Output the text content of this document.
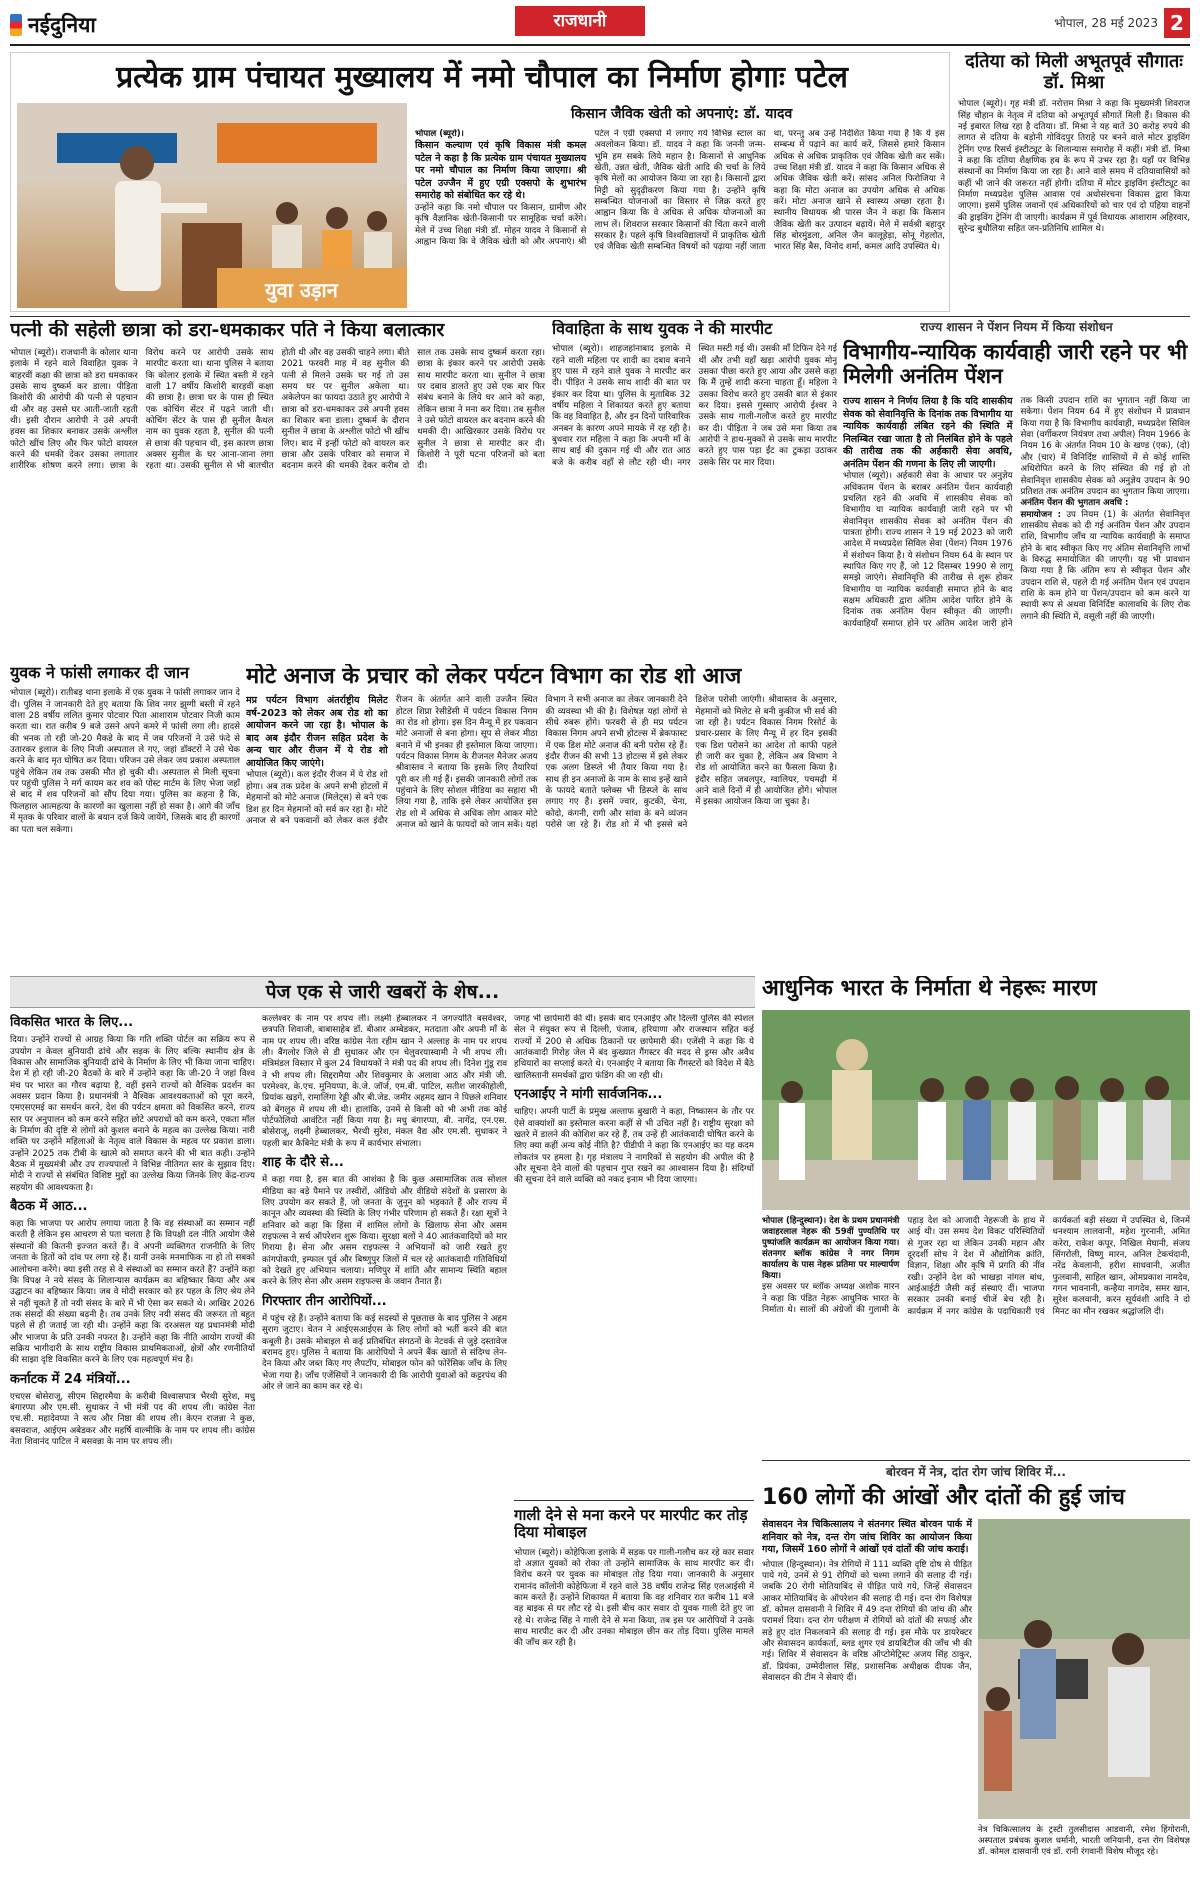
नईदुनिया	राजधानी	भोपाल, 28 मई 2023 2
प्रत्येक ग्राम पंचायत मुख्यालय में नमो चौपाल का निर्माण होगाः पटेल
युवा उड़ान
किसान जैविक खेती को अपनाएं: डॉ. यादव

भोपाल (ब्यूरो)।

किसान कल्याण एवं कृषि विकास मंत्री कमल पटेल ने कहा है कि प्रत्येक ग्राम पंचायत मुख्यालय पर नमो चौपाल का निर्माण किया जाएगा। श्री पटेल उज्जैन में हुए एग्री एक्सपो के शुभारंभ समारोह को संबोधित कर रहे थे।

उन्होंने कहा कि नमो चौपाल पर किसान, ग्रामीण और कृषि वैज्ञानिक खेती-किसानी पर सामूहिक चर्चा करेंगे। मेले में उच्च शिक्षा मंत्री डॉ. मोहन यादव ने किसानों से आह्वान किया कि वे जैविक खेती को और अपनाएं। श्री पटेल ने एग्री एक्सपो में लगाए गये विभिन्न स्टाल का अवलोकन किया। डॉ. यादव ने कहा कि जननी जन्म-भूमि हम सबके लिये महान है। किसानों से आधुनिक खेती, उन्नत खेती, जैविक खेती आदि की चर्चा के लिये कृषि मेलों का आयोजन किया जा रहा है। किसानों द्वारा मिट्टी को सुदृढ़ीकरण किया गया है। उन्होंने कृषि सम्बन्धित योजनाओं का विस्तार से जिक्र करते हुए आह्वान किया कि वे अधिक से अधिक योजनाओं का लाभ लें। शिवराज सरकार किसानों की चिंता करने वाली सरकार है। पहले कृषि विश्वविद्यालयों में प्राकृतिक खेती एवं जैविक खेती सम्बन्धित विषयों को पढ़ाया नहीं जाता था, परन्तु अब उन्हें निर्देशित किया गया है कि ये इस सम्बन्ध में पढ़ाने का कार्य करें, जिससे हमारे किसान अधिक से अधिक प्राकृतिक एवं जैविक खेती कर सकें। उच्च शिक्षा मंत्री डॉ. यादव ने कहा कि किसान अधिक से अधिक जैविक खेती करें। सांसद अनिल फिरोजिया ने कहा कि मोटा अनाज का उपयोग अधिक से अधिक करें। मोटा अनाज खाने से स्वास्थ्य अच्छा रहता है। स्थानीय विधायक श्री पारस जैन ने कहा कि किसान जैविक खेती कर उत्पादन बढ़ायें। मेले में सर्वश्री बहादुर सिंह बोरमुंडला, अनिल जैन कालूहेड़ा, सोनू गेहलोत, भारत सिंह बैस, विनोद शर्मा, कमल आदि उपस्थित थे।

दतिया को मिली अभूतपूर्व सौगातः डॉ. मिश्रा

भोपाल (ब्यूरो)। गृह मंत्री डॉ. नरोत्तम मिश्रा ने कहा कि मुख्यमंत्री शिवराज सिंह चौहान के नेतृत्व में दतिया को अभूतपूर्व सौगातें मिली हैं। विकास की नई इबारत लिख रहा है दतिया। डॉ. मिश्रा ने यह बातें 30 करोड़ रुपये की लागत से दतिया के बड़ोनी गोविंदपुर तिराहे पर बनने वाले मोटर ड्राइविंग ट्रेनिंग एण्ड रिसर्च इंस्टीट्यूट के शिलान्यास समारोह में कहीं। मंत्री डॉ. मिश्रा ने कहा कि दतिया शैक्षणिक हब के रूप में उभर रहा है। यहाँ पर विभिन्न संस्थानों का निर्माण किया जा रहा है। आने वाले समय में दतियावासियों को कहीं भी जाने की जरूरत नहीं होगी। दतिया में मोटर ड्राइविंग इंस्टीट्यूट का निर्माण मध्यप्रदेश पुलिस आवास एवं अधोसंरचना विकास द्वारा किया जाएगा। इसमें पुलिस जवानों एवं अधिकारियों को चार एवं दो पहिया वाहनों की ड्राइविंग ट्रेनिंग दी जाएगी। कार्यक्रम में पूर्व विधायक आशाराम अहिरवार, सुरेन्द्र बुधौलिया सहित जन-प्रतिनिधि शामिल थे।

पत्नी की सहेली छात्रा को डरा-धमकाकर पति ने किया बलात्कार

भोपाल (ब्यूरो)। राजधानी के कोलार थाना इलाके में रहने वाले विवाहित युवक ने बाहरवीं कक्षा की छात्रा को डरा धमकाकर उसके साथ दुष्कर्म कर डाला। पीड़िता किशोरी की आरोपी की पत्नी से पहचान थी और वह उससे घर आती-जाती रहती थी। इसी दौरान आरोपी ने उसे अपनी हवस का शिकार बनाकर उसके अश्लील फोटो खींच लिए और फिर फोटो वायरल करने की धमकी देकर उसका लगातार शारीरिक शोषण करने लगा। छात्रा के विरोध करने पर आरोपी उसके साथ मारपीट करता था। थाना पुलिस ने बताया कि कोलार इलाके में स्थित बस्ती में रहने वाली 17 वर्षीय किशोरी बारहवीं कक्षा की छात्रा है। छात्रा घर के पास ही स्थित एक कोचिंग सेंटर में पढ़ने जाती थी। कोचिंग सेंटर के पास ही सुनील कैथल नाम का युवक रहता है, सुनील की पत्नी से छात्रा की पहचान थी, इस कारण छात्रा अक्सर सुनील के घर आना-जाना लगा रहता था। उसकी सुनील से भी बातचीत होती थी और वह उसकी चाहने लगा। बीते 2021 फरवरी माह में वह सुनील की पत्नी से मिलने उसके घर गई तो उस समय घर पर सुनील अकेला था। अकेलेपन का फायदा उठाते हुए आरोपी ने छात्रा को डरा-धमकाकर उसे अपनी हवस का शिकार बना डाला। दुष्कर्म के दौरान सुनील ने छात्रा के अश्लील फोटो भी खींच लिए। बाद में इन्हीं फोटो को वायरल कर छात्रा और उसके परिवार को समाज में बदनाम करने की धमकी देकर करीब दो साल तक उसके साथ दुष्कर्म करता रहा। छात्रा के इंकार करने पर आरोपी उसके साथ मारपीट करता था। सुनील ने छात्रा पर दबाव डालते हुए उसे एक बार फिर संबंध बनाने के लिये घर आने को कहा, लेकिन छात्रा ने मना कर दिया। तब सुनील ने उसे फोटो वायरल कर बदनाम करने की धमकी दी। आखिरकार उसके विरोध पर सुनील ने छात्रा से मारपीट कर दी। किशोरी ने पूरी घटना परिजनों को बता दी।

विवाहिता के साथ युवक ने की मारपीट

भोपाल (ब्यूरो)। शाहजहांनाबाद इलाके में रहने वाली महिला पर शादी का दबाव बनाने हुए पास में रहने वाले युवक ने मारपीट कर दी। पीड़ित ने उसके साथ शादी की बात पर इंकार कर दिया था। पुलिस के मुताबिक 32 वर्षीय महिला ने शिकायत करते हुए बताया कि वह विवाहित है, और इन दिनों पारिवारिक अनबन के कारण अपने मायके में रह रही है। बुधवार रात महिला ने कहा कि अपनी माँ के साथ बाई की दुकान गई थी और रात आठ बजे के करीब वहाँ से लौट रही थी। नगर स्थित मस्टी गई थी। उसकी माँ टिफिन देने गई थीं और तभी वहाँ खड़ा आरोपी युवक मोनू उसका पीछा करते हुए आया और उससे कहा कि मैं तुम्हें शादी करना चाहता हूँ। महिला ने उसका विरोध करते हुए उसकी बात से इंकार कर दिया। इससे गुस्साए आरोपी ईश्वर ने उसके साथ गाली-गलौज करते हुए मारपीट कर दी। पीड़िता ने जब उसे मना किया तब आरोपी ने हाथ-मुक्कों से उसके साथ मारपीट करते हुए पास पड़ा ईंट का टुकड़ा उठाकर उसके सिर पर मार दिया।

राज्य शासन ने पेंशन नियम में किया संशोधन
विभागीय-न्यायिक कार्यवाही जारी रहने पर भी मिलेगी अनंतिम पेंशन

राज्य शासन ने निर्णय लिया है कि यदि शासकीय सेवक को सेवानिवृत्ति के दिनांक तक विभागीय या न्यायिक कार्यवाही लंबित रहने की स्थिति में निलम्बित रखा जाता है तो निलंबित होने के पहले की तारीख तक की अर्हकारी सेवा अवधि, अनंतिम पेंशन की गणना के लिए ली जाएगी।

भोपाल (ब्यूरो)। अर्हकारी सेवा के आधार पर अनुज्ञेय अधिकतम पेंशन के बराबर अनंतिम पेंशन कार्यवाही प्रचलित रहने की अवधि में शासकीय सेवक को विभागीय या न्यायिक कार्यवाही जारी रहने पर भी सेवानिवृत्त शासकीय सेवक को अनंतिम पेंशन की पात्रता होगी। राज्य शासन ने 19 मई 2023 को जारी आदेश में मध्यप्रदेश सिविल सेवा (पेंशन) नियम 1976 में संशोधन किया है। ये संशोधन नियम 64 के स्थान पर स्थापित किए गए हैं, जो 12 दिसम्बर 1990 से लागू समझे जाएंगे। सेवानिवृत्ति की तारीख से शुरू होकर विभागीय या न्यायिक कार्यवाही समाप्त होने के बाद सक्षम अधिकारी द्वारा अंतिम आदेश पारित होने के दिनांक तक अनंतिम पेंशन स्वीकृत की जाएगी। कार्यवाहियाँ समाप्त होने पर अंतिम आदेश जारी होने तक किसी उपदान राशि का भुगतान नहीं किया जा सकेगा। पेंशन नियम 64 में हुए संशोधन में प्रावधान किया गया है कि विभागीय कार्यवाही, मध्यप्रदेश सिविल सेवा (वर्गीकरण नियंत्रण तथा अपील) नियम 1966 के नियम 16 के अंतर्गत नियम 10 के खण्ड (एक), (दो) और (चार) में विनिर्दिष्ट शास्तियों में से कोई शास्ति अधिरोपित करने के लिए संस्थित की गई हो तो सेवानिवृत्त शासकीय सेवक को अनुज्ञेय उपदान के 90 प्रतिशत तक अनंतिम उपदान का भुगतान किया जाएगा।

अनंतिम पेंशन की भुगतान अवधि :

समायोजन : उप नियम (1) के अंतर्गत सेवानिवृत्त शासकीय सेवक को दी गई अनंतिम पेंशन और उपदान राशि, विभागीय जाँच या न्यायिक कार्यवाही के समाप्त होने के बाद स्वीकृत किए गए अंतिम सेवानिवृत्ति लाभों के विरुद्ध समायोजित की जाएगी। यह भी प्रावधान किया गया है कि अंतिम रूप से स्वीकृत पेंशन और उपदान राशि से, पहले दी गई अनंतिम पेंशन एवं उपदान राशि के कम होने या पेंशन/उपदान को कम करने या स्थायी रूप से अथवा विनिर्दिष्ट कालावधि के लिए रोक लगाने की स्थिति में, वसूली नहीं की जाएगी।

युवक ने फांसी लगाकर दी जान

भोपाल (ब्यूरो)। रातीबड़ थाना इलाके में एक युवक ने फांसी लगाकर जान दे दी। पुलिस ने जानकारी देते हुए बताया कि शिव नगर झुग्गी बस्ती में रहने वाला 28 वर्षीय ललित कुमार पोटवार पिता आशाराम पोटवार निजी काम करता था। रात करीब 9 बजे उसने अपने कमरे में फांसी लगा ली। हादसे की भनक तो रही जो-20 मैकडे के बाद में जब परिजनों ने उसे फंदे से उतारकर इलाज के लिए निजी अस्पताल ले गए, जहां डॉक्टरों ने उसे चेक करने के बाद मृत घोषित कर दिया। परिजन उसे लेकर जय प्रकाश अस्पताल पहुंचे लेकिन तब तक उसकी मौत हो चुकी थी। अस्पताल से मिली सूचना पर पहुंची पुलिस ने मर्ग कायम कर शव को पोस्ट मार्टम के लिए भेजा जहाँ से बाद में शव परिजनों को सौंप दिया गया। पुलिस का कहना है कि, फिलहाल आत्महत्या के कारणों का खुलासा नहीं हो सका है। आगे की जाँच में मृतक के परिवार वालों के बयान दर्ज किये जायेंगे, जिसके बाद ही कारणों का पता चल सकेगा।

मोटे अनाज के प्रचार को लेकर पर्यटन विभाग का रोड शो आज

मप्र पर्यटन विभाग अंतर्राष्ट्रीय मिलेट वर्ष-2023 को लेकर अब रोड शो का आयोजन करने जा रहा है। भोपाल के बाद अब इंदौर रीजन सहित प्रदेश के अन्य चार और रीजन में ये रोड शो आयोजित किए जाएंगे।

भोपाल (ब्यूरो)। कल इंदौर रीजन में ये रोड शो होगा। अब तक प्रदेश के अपने सभी होटलों में मेहमानों को मोटे अनाज (मिलेट्स) से बने एक डिश हर दिन मेहमानों को सर्व कर रहा है। मोटे अनाज से बने पकवानों को लेकर कल इंदौर रीजन के अंतर्गत आने वाली उज्जैन स्थित होटल शिप्रा रेसीडेंसी में पर्यटन विकास निगम का रोड शो होगा। इस दिन मैन्यू में हर पकवान मोटे अनाजों से बना होगा। सूप से लेकर मीठा बनाने में भी इनका ही इस्तेमाल किया जाएगा। पर्यटन विकास निगम के रीजनल मैनेजर अजय श्रीवास्तव ने बताया कि इसके लिए तैयारियां पूरी कर ली गई हैं। इसकी जानकारी लोगों तक पहुंचाने के लिए सोशल मीडिया का सहारा भी लिया गया है, ताकि इसे लेकर आयोजित इस रोड शो में अधिक से अधिक लोग आकर मोटे अनाज को खाने के फायदों को जान सकें। यहां विभाग ने सभी अनाज का लेकर जानकारी देने की व्यवस्था भी की है। विशेषज्ञ यहां लोगों से सीधे रुबरू होंगे। फरवरी से ही मप्र पर्यटन विकास निगम अपने सभी होटल्स में ब्रेकफास्ट में एक डिश मोटे अनाज की बनी परोस रहे हैं। इंदौर रीजन की सभी 13 होटल्स में इसे लेकर एक अलग डिस्प्ले भी तैयार किया गया है। साथ ही इन अनाजों के नाम के साथ इन्हें खाने के फायदे बताते फ्लेक्स भी डिस्प्ले के साथ लगाए गए हैं। इसमें ज्वार, कुटकी, चेना, कोदो, कंगनी, रागी और सांवा के बने व्यंजन परोसे जा रहे हैं। रोड शो में भी इससे बने डिशेज परोसी जाएंगी। श्रीवास्तव के अनुसार, मेहमानों को मिलेट से बनी कुकीज भी सर्व की जा रही है। पर्यटन विकास निगम रिसोर्ट के प्रचार-प्रसार के लिए मैन्यू में हर दिन इसकी एक डिश परोसने का आदेश तो काफी पहले ही जारी कर चुका है, लेकिन अब विभाग ने रोड शो आयोजित करने का फैसला किया है। इंदौर सहित जबलपुर, ग्वालियर, पचमढ़ी में आने वाले दिनों में ही आयोजित होंगे। भोपाल में इसका आयोजन किया जा चुका है।

पेज एक से जारी खबरों के शेष...
विकसित भारत के लिए...

दिया। उन्होंने राज्यों से आग्रह किया कि गति शक्ति पोर्टल का सक्रिय रूप से उपयोग न केवल बुनियादी ढांचे और सड़क के लिए बल्कि स्थानीय क्षेत्र के विकास और सामाजिक बुनियादी ढांचे के निर्माण के लिए भी किया जाना चाहिए। देश में हो रही जी-20 बैठकों के बारे में उन्होंने कहा कि जी-20 ने जहां विश्व मंच पर भारत का गौरव बढ़ाया है, वहीं इसने राज्यों को वैश्विक प्रदर्शन का अवसर प्रदान किया है। प्रधानमंत्री ने वैश्विक आवश्यकताओं को पूरा करने, एमएसएमई का समर्थन करने, देश की पर्यटन क्षमता को विकसित करने, राज्य स्तर पर अनुपालन को कम करने सहित छोटे अपराधों को कम करने, एकता मॉल के निर्माण की दृष्टि से लोगों को कुशल बनाने के महत्व का उल्लेख किया। नारी शक्ति पर उन्होंने महिलाओं के नेतृत्व वाले विकास के महत्व पर प्रकाश डाला। उन्होंने 2025 तक टीबी के खात्मे को समाप्त करने की भी बात कही। उन्होंने बैठक में मुख्यमंत्री और उप राज्यपालों ने विभिन्न नीतिगत स्तर के सुझाव दिए। मोदी ने राज्यों से संबंधित विशिष्ट मुद्दों का उल्लेख किया जिनके लिए केंद्र-राज्य सहयोग की आवश्यकता है।

बैठक में आठ...

कहा कि भाजपा पर आरोप लगाया जाता है कि वह संस्थाओं का सम्मान नहीं करती है लेकिन इस आचरण से पता चलता है कि विपक्षी दल नीति आयोग जैसे संस्थानों की कितनी इज्जत करते हैं। वे अपनी व्यक्तिगत राजनीति के लिए जनता के हितों को दांव पर लगा रहे हैं। यानी उनके मनमाफिक ना हो तो सबको आलोचना करेंगे। क्या इसी तरह से वे संस्थाओं का सम्मान करते हैं? उन्होंने कहा कि विपक्ष ने नये संसद के शिलान्यास कार्यक्रम का बहिष्कार किया और अब उद्घाटन का बहिष्कार किया। जब वे मोदी सरकार को हर पहल के लिए श्रेय लेने से नहीं चूकते हैं तो नयी संसद के बारे में भी ऐसा कर सकते थे। आखिर 2026 तक संसदों की संख्या बढ़नी है। तब उनके लिए नयी संसद की जरूरत तो बहुत पहले से ही जताई जा रही थी। उन्होंने कहा कि दरअसल यह प्रधानमंत्री मोदी और भाजपा के प्रति उनकी नफरत है। उन्होंने कहा कि नीति आयोग राज्यों की सक्रिय भागीदारी के साथ राष्ट्रीय विकास प्राथमिकताओं, क्षेत्रों और रणनीतियों की साझा दृष्टि विकसित करने के लिए एक महत्वपूर्ण मंच है।

कर्नाटक में 24 मंत्रियों...

एचएस बोसेराजू, सीएम सिद्दारमैया के करीबी विश्वासपात्र भैरथी सुरेश, मधु बंगारप्पा और एम.सी. सुधाकर ने भी मंत्री पद की शपथ ली। कांग्रेस नेता एच.सी. महादेवप्पा ने सत्य और निष्ठा की शपथ ली। केएन राजन्ना ने कुछ, बसवराज, आईएम अबेडकर और महर्षि वाल्मीकि के नाम पर शपथ ली। कांग्रेस नेता शिवानंद पाटिल ने बसवन्ना के नाम पर शपथ ली।

कल्लेश्वर के नाम पर शपथ ली। लक्ष्मी हेब्बालकर ने जगज्योति बसवेश्वर, छत्रपति शिवाजी, बाबासाहेब डॉ. बीआर अम्बेडकर, मतदाता और अपनी माँ के नाम पर शपथ ली। वरिष्ठ कांग्रेस नेता रहीम खान ने अल्लाह के नाम पर शपथ ली। बैंगलोर जिले से डी सुधाकर और एन चेलुवरयास्वामी ने भी शपथ ली। मंत्रिमंडल विस्तार में कुल 24 विधायकों ने मंत्री पद की शपथ ली। दिनेश गुंडू राव ने भी शपथ ली। सिद्दरामैया और शिवकुमार के अलावा आठ और मंत्री जी. परमेश्वर, के.एच. मुनियप्पा, के.जे. जॉर्ज, एम.बी. पाटिल, सतीश जारकीहोली, प्रियांक खड़गे, रामालिंगा रेड्डी और बी.जेड. जमीर अहमद खान ने पिछले शनिवार को बेंगलुरु में शपथ ली थी। हालांकि, उनमें से किसी को भी अभी तक कोई पोर्टफोलियो आवंटित नहीं किया गया है। मधु बंगारप्पा, बी. नागेंद्र, एन.एस. बोसेराजू, लक्ष्मी हेब्बालकर, भैरथी सुरेश, मंकल वैद्य और एम.सी. सुधाकर ने पहली बार कैबिनेट मंत्री के रूप में कार्यभार संभाला।

शाह के दौरे से...

में कहा गया है, इस बात की आशंका है कि कुछ असामाजिक तत्व सोशल मीडिया का बड़े पैमाने पर तस्वीरों, ऑडियो और वीडियो संदेशों के प्रसारण के लिए उपयोग कर सकते हैं, जो जनता के जुनून को भड़काते हैं और राज्य में कानून और व्यवस्था की स्थिति के लिए गंभीर परिणाम हो सकते हैं। रक्षा सूत्रों ने शनिवार को कहा कि हिंसा में शामिल लोगों के खिलाफ सेना और असम राइफल्स ने सर्च ऑपरेशन शुरू किया। सुरक्षा बलों ने 40 आतंकवादियों को मार गिराया है। सेना और असम राइफल्स ने अभियानों को जारी रखते हुए कांगपोकपी, इम्फाल पूर्व और बिष्णुपुर जिलों में चल रहे आतंकवादी गतिविधियों को देखते हुए अभियान चलाया। मणिपुर में शांति और सामान्य स्थिति बहाल करने के लिए सेना और असम राइफल्स के जवान तैनात हैं।

गिरफ्तार तीन आरोपियों...

में पहुंच रहे हैं। उन्होंने बताया कि कई सदस्यों से पूछताछ के बाद पुलिस ने अहम सुराग जुटाए। चेतन ने आईएसआईएस के लिए लोगों को भर्ती करने की बात कबूली है। उसके मोबाइल से कई प्रतिबंधित संगठनों के नेटवर्क से जुड़े दस्तावेज बरामद हुए। पुलिस ने बताया कि आरोपियों ने अपने बैंक खातों से संदिग्ध लेन-देन किया और जब्त किए गए लैपटॉप, मोबाइल फोन को फोरेंसिक जाँच के लिए भेजा गया है। जाँच एजेंसियों ने जानकारी दी कि आरोपी युवाओं को कट्टरपंथ की ओर ले जाने का काम कर रहे थे।

जगह भी छापेमारी की थी। इसके बाद एनआईए और दिल्ली पुलिस की स्पेशल सेल ने संयुक्त रूप से दिल्ली, पंजाब, हरियाणा और राजस्थान सहित कई राज्यों में 200 से अधिक ठिकानों पर छापेमारी की। एजेंसी ने कहा कि ये आतंकवादी गिरोह जेल में बंद कुख्यात गैंगस्टर की मदद से ड्रग्स और अवैध हथियारों का सप्लाई करते थे। एनआईए ने बताया कि गैंगस्टरों को विदेश में बैठे खालिस्तानी समर्थकों द्वारा फंडिंग की जा रही थी।

एनआईए ने मांगी सार्वजनिक...

चाहिए। अपनी पार्टी के प्रमुख अल्ताफ बुखारी ने कहा, निष्कासन के तौर पर ऐसे वाक्यांशों का इस्तेमाल करना कहीं से भी उचित नहीं है। राष्ट्रीय सुरक्षा को खतरे में डालने की कोशिश कर रहे हैं, तब उन्हें ही आतंकवादी घोषित करने के लिए क्या कहीं अन्य कोई नीति है? पीडीपी ने कहा कि एनआईए का यह कदम लोकतंत्र पर हमला है। गृह मंत्रालय ने नागरिकों से सहयोग की अपील की है और सूचना देने वालों की पहचान गुप्त रखने का आश्वासन दिया है। संदिग्धों की सूचना देने वाले व्यक्ति को नकद इनाम भी दिया जाएगा।

गाली देने से मना करने पर मारपीट कर तोड़ दिया मोबाइल

भोपाल (ब्यूरो)। कोहेफिजा इलाके में सड़क पर गाली-गलौच कर रहे कार सवार दो अज्ञात युवकों को रोका तो उन्होंने सामाजिक के साथ मारपीट कर दी। विरोध करने पर युवक का मोबाइल तोड़ दिया गया। जानकारी के अनुसार रामानंद कॉलोनी कोहेफिजा में रहने वाले 38 वर्षीय राजेन्द्र सिंह एलआईसी में काम करते हैं। उन्होंने शिकायत में बताया कि वह शनिवार रात करीब 11 बजे वह बाइक से घर लौट रहे थे। इसी बीच कार सवार दो युवक गाली देते हुए जा रहे थे। राजेन्द्र सिंह ने गाली देने से मना किया, तब इस पर आरोपियों ने उनके साथ मारपीट कर दी और उनका मोबाइल छीन कर तोड़ दिया। पुलिस मामले की जाँच कर रही है।

आधुनिक भारत के निर्माता थे नेहरूः मारण

भोपाल (हिन्दुस्थान)। देश के प्रथम प्रधानमंत्री जवाहरलाल नेहरू की 59वीं पुण्यतिथि पर पुष्पांजलि कार्यक्रम का आयोजन किया गया। संतनगर ब्लॉक कांग्रेस ने नगर निगम कार्यालय के पास नेहरू प्रतिमा पर माल्यार्पण किया।

इस अवसर पर ब्लॉक अध्यक्ष अशोक मारन ने कहा कि पंडित नेहरू आधुनिक भारत के निर्माता थे। सालों की अंग्रेजों की गुलामी के पहाड़ देश को आजादी नेहरूजी के हाथ में आई थी। उस समय देश विकट परिस्थितियों से गुजर रहा था लेकिन उनकी महान और दूरदर्शी सोच ने देश में औद्योगिक क्रांति, विज्ञान, शिक्षा और कृषि में प्रगति की नींव रखी। उन्होंने देश को भाखड़ा नांगल बांध, आईआईटी जैसी कई संस्थाएं दीं। भाजपा सरकार उनकी बनाई चीजें बेच रही है। कार्यक्रम में नगर कांग्रेस के पदाधिकारी एवं कार्यकर्ता बड़ी संख्या में उपस्थित थे, जिनमें धनश्याम लालवानी, महेश गुरनानी, अमित करेरा, राकेश कपूर, निखिल मेघानी, संजय सिंगरोली, विष्णु मारन, अनिल टेकचंदानी, नरेंद्र केवलानी, हरीश साधवानी, अजीत फुलवानी, साहिल खान, ओमप्रकाश नामदेव, गगन भावनानी, कन्हैया नागदेव, समर खान, सुरेश कलवानी, करन सूर्यवंशी आदि ने दो मिनट का मौन रखकर श्रद्धांजलि दी।

बोरवन में नेत्र, दांत रोग जांच शिविर में...
160 लोगों की आंखों और दांतों की हुई जांच

सेवासदन नेत्र चिकित्सालय ने संतनगर स्थित बोरवन पार्क में शनिवार को नेत्र, दन्त रोग जांच शिविर का आयोजन किया गया, जिसमें 160 लोगों ने आंखों एवं दांतों की जांच कराई।

भोपाल (हिन्दुस्थान)। नेत्र रोगियों में 111 व्यक्ति दृष्टि दोष से पीड़ित पाये गये, उनमें से 91 रोगियों को चश्मा लगाने की सलाह दी गई। जबकि 20 रोगी मोतियाबिंद से पीड़ित पाये गये, जिन्हें सेवासदन आकर मोतियाबिंद के ऑपरेशन की सलाह दी गई। दन्त रोग विशेषज्ञ डॉ. कोमल दासवानी ने शिविर में 49 दन्त रोगियों की जांच की और परामर्श दिया। दन्त रोग परीक्षण में रोगियों को दांतों की सफाई और सड़े हुए दांत निकलवाने की सलाह दी गई। इस मौके पर डायरेक्टर और सेवासदन कार्यकर्ता, ब्लड शुगर एवं डायबिटीज की जाँच भी की गई। शिविर में सेवासदन के वरिष्ठ ऑप्टोमेट्रिस्ट अजय सिंह ठाकुर, डॉ. प्रियंका, उम्मेदीलाल सिंह, प्रशासनिक अधीक्षक दीपक जैन, सेवासदन की टीम ने सेवाएं दीं।

नेत्र चिकित्सालय के ट्रस्टी तुलसीदास आडवानी, रमेश हिंगोरानी, अस्पताल प्रबंधक कुशल धर्मानी, भारती जनियानी, दन्त रोग विशेषज्ञ डॉ. कोमल दासवानी एवं डॉ. रानी रंगवानी विशेष मौजूद रहे।
